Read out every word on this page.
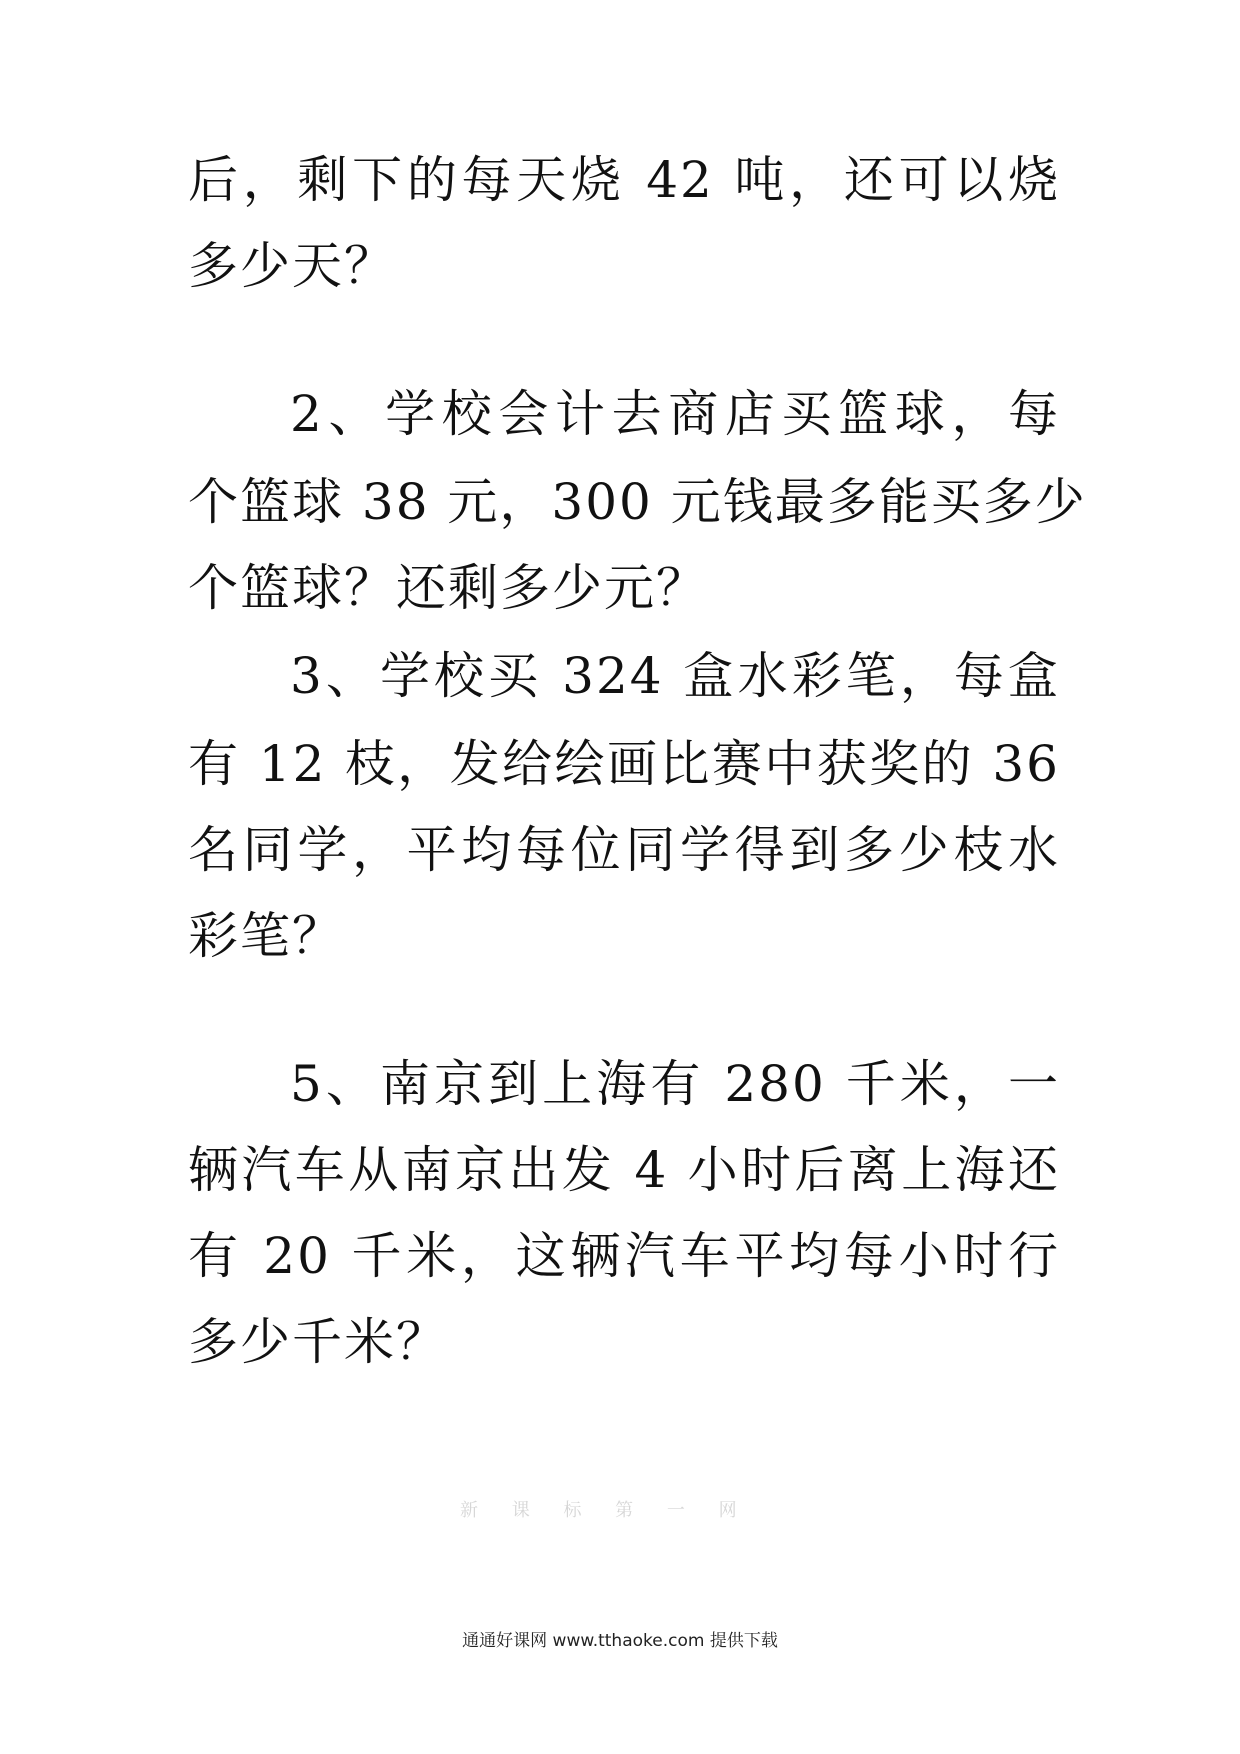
后，剩下的每天烧 42 吨，还可以烧
多少天？
2、学校会计去商店买篮球，每
个篮球 38 元，300 元钱最多能买多少
个篮球？还剩多少元？
3、学校买 324 盒水彩笔，每盒
有 12 枝，发给绘画比赛中获奖的 36
名同学，平均每位同学得到多少枝水
彩笔？
5、南京到上海有 280 千米，一
辆汽车从南京出发 4 小时后离上海还
有 20 千米，这辆汽车平均每小时行
多少千米？
新 课 标 第 一 网
通通好课网 www.tthaoke.com 提供下载
